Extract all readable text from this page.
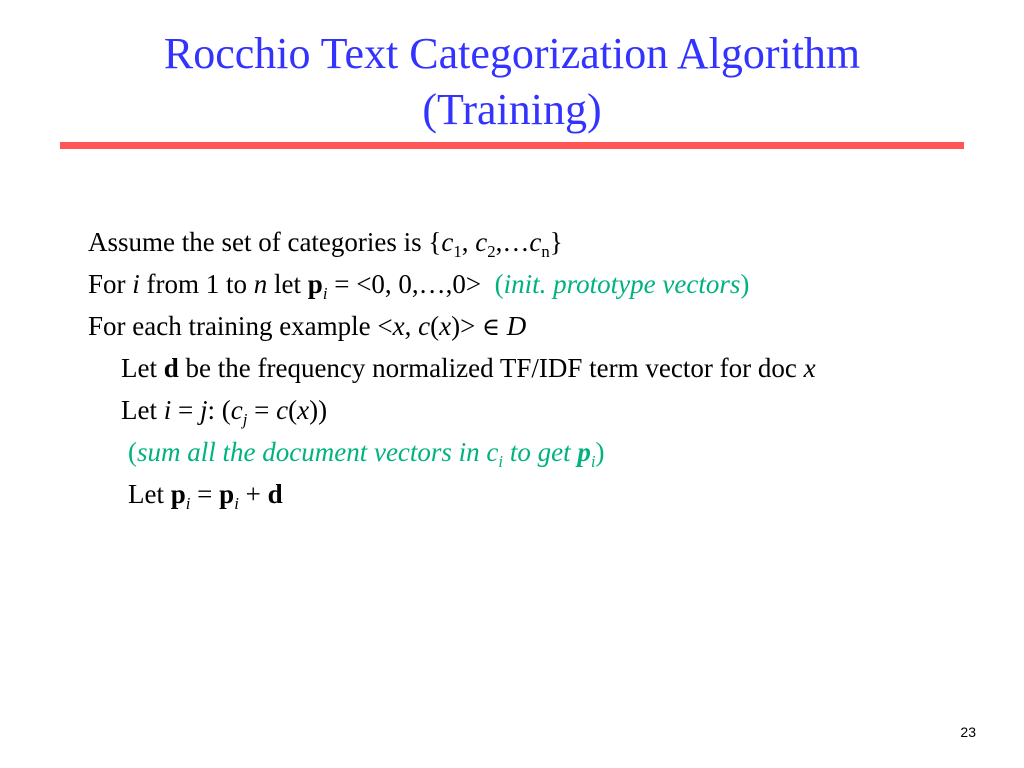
Rocchio Text Categorization Algorithm
(Training)
Assume the set of categories is {$c_1$, $c_2,\dots c_n$}
For i from 1 to n let $p_i = <0$, 0,…,0> (init. prototype vectors)
For each training example <x, c(x)> ∈ D
Let d be the frequency normalized TF/IDF term vector for doc x
Let i = j: $(c_j = c(x))$
(sum all the document vectors in $c_i$ to get $p_i$)
Let $p_i = p_i + d$
23
